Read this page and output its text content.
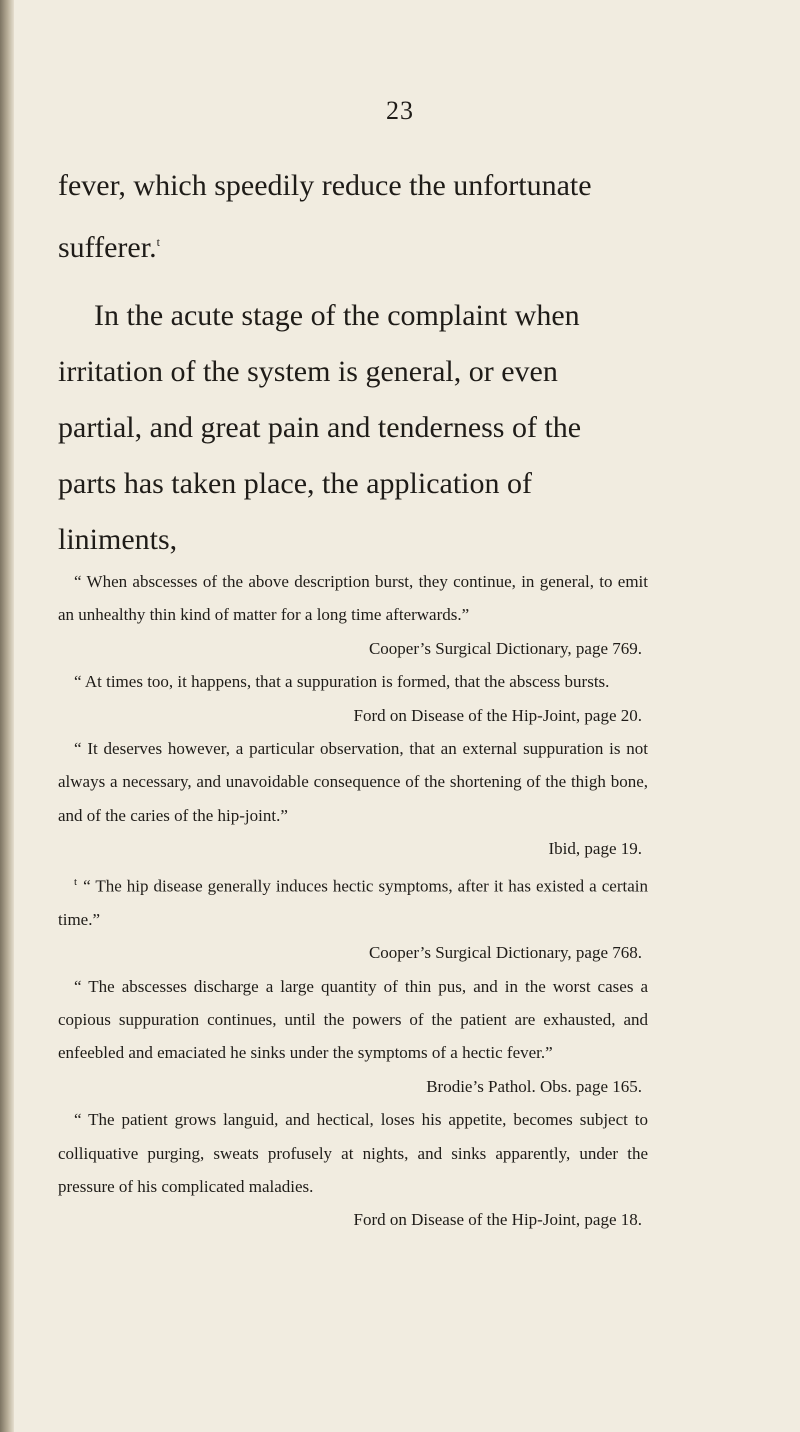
23

fever, which speedily reduce the unfortunate

sufferer.$^t$

In the acute stage of the complaint when irritation of the system is general, or even partial, and great pain and tenderness of the parts has taken place, the application of liniments,

“ When abscesses of the above description burst, they continue, in general, to emit an unhealthy thin kind of matter for a long time afterwards.”
Cooper’s Surgical Dictionary, page 769.

“ At times too, it happens, that a suppuration is formed, that the abscess bursts.
Ford on Disease of the Hip-Joint, page 20.

“ It deserves however, a particular observation, that an external suppuration is not always a necessary, and unavoidable consequence of the shortening of the thigh bone, and of the caries of the hip-joint.”
Ibid, page 19.

$^t$ “ The hip disease generally induces hectic symptoms, after it has existed a certain time.”
Cooper’s Surgical Dictionary, page 768.

“ The abscesses discharge a large quantity of thin pus, and in the worst cases a copious suppuration continues, until the powers of the patient are exhausted, and enfeebled and emaciated he sinks under the symptoms of a hectic fever.”
Brodie’s Pathol. Obs. page 165.

“ The patient grows languid, and hectical, loses his appetite, becomes subject to colliquative purging, sweats profusely at nights, and sinks apparently, under the pressure of his complicated maladies.
Ford on Disease of the Hip-Joint, page 18.
